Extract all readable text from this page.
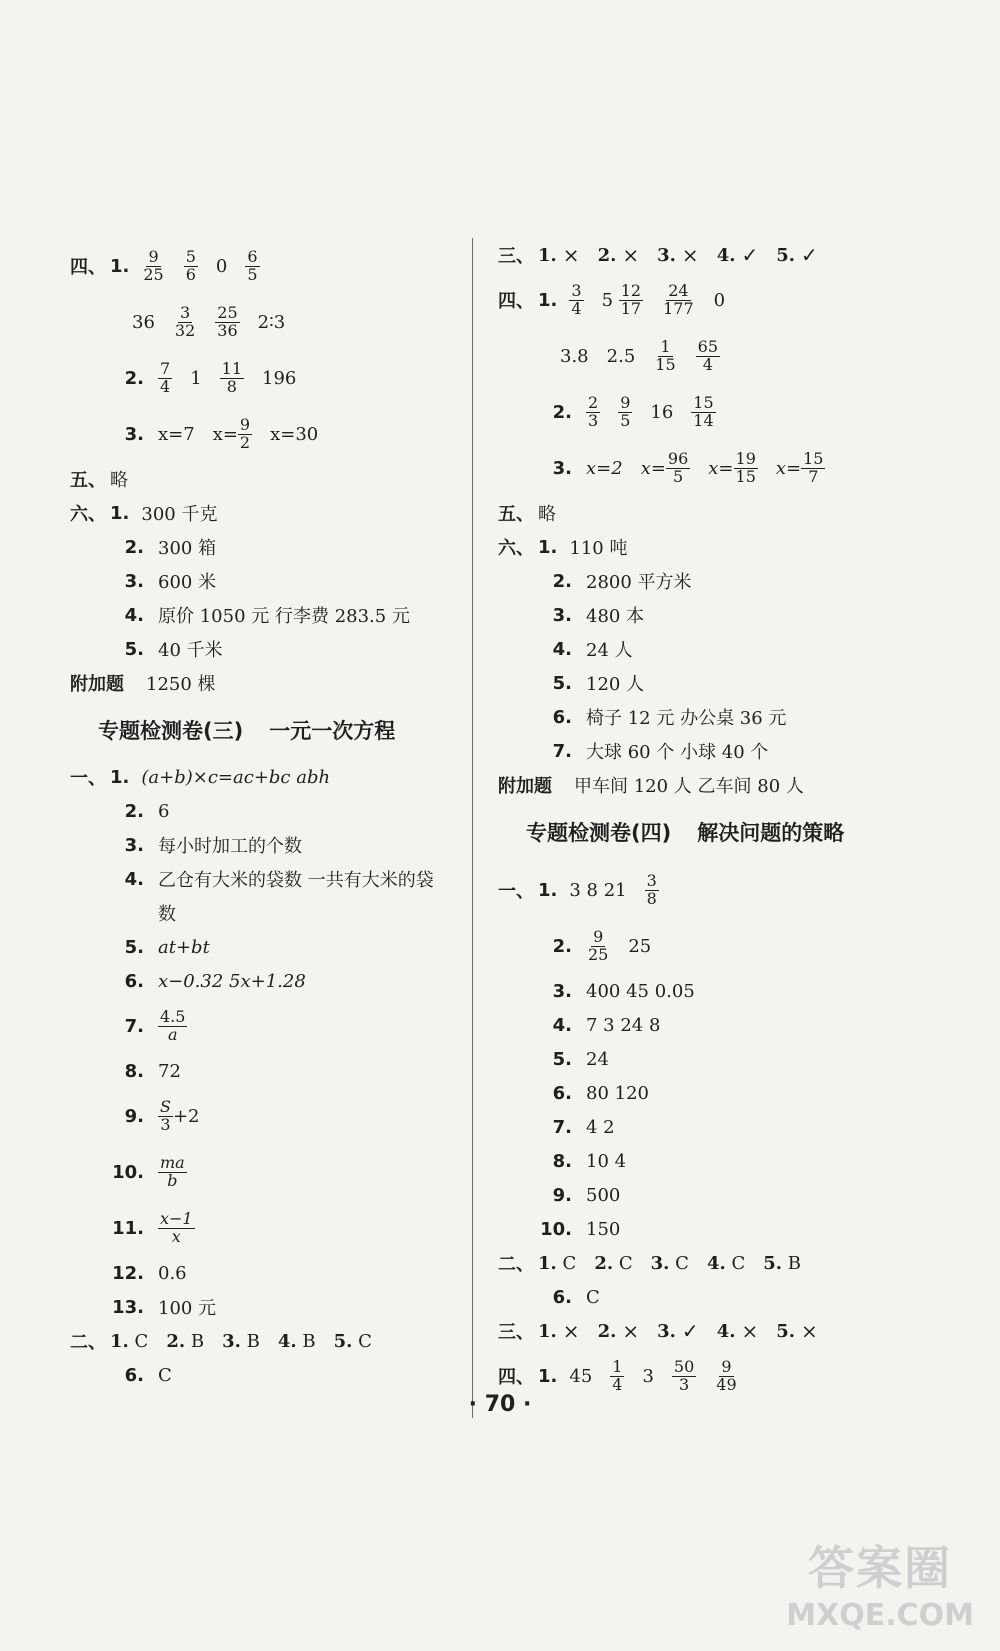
四、 1. $\frac{9}{25} \frac{5}{6} 0 \frac{6}{5}$
$36 \frac{3}{32} \frac{25}{36}$ 2∶3
2. $\frac{7}{4} 1 \frac{11}{8} 196$
3. x=7 $x= \frac{9}{2} x=30$
五、 略
六、 1. 300 千克
2. 300 箱
3. 600 米
4. 原价 1050 元 行李费 283.5 元
5. 40 千米
附加题 1250 棵
专题检测卷(三) 一元一次方程
一、 1. (a+b)×c=ac+bc abh
2. 6
3. 每小时加工的个数
4. 乙仓有大米的袋数 一共有大米的袋
数
5. at+bt
6. x−0.32 5x+1.28
7. $\frac{4.5}{a}$
8. 72
9. $\frac{S}{3} +2$
10. $\frac{ma}{b}$
11. $\frac{x-1}{x}$
12. 0.6
13. 100 元
二、 1.
C 2.
B 3.
B 4.
B 5.
C
6. C
三、 1. × 2. × 3. × 4. ✓ 5. ✓
四、 1. $\frac{3}{4} 5$
$\frac{12}{17} \frac{24}{177} 0$
3.8 $2.5 \frac{1}{15} \frac{65}{4}$
2. $\frac{2}{3} \frac{9}{5} 16 \frac{15}{14}$
3. x=2 $x= \frac{96}{5} x= \frac{19}{15} x= \frac{15}{7}$
五、 略
六、 1. 110 吨
2. 2800 平方米
3. 480 本
4. 24 人
5. 120 人
6. 椅子 12 元 办公桌 36 元
7. 大球 60 个 小球 40 个
附加题 甲车间 120 人 乙车间 80 人
专题检测卷(四) 解决问题的策略
一、 1. 3 8 $21 \frac{3}{8}$
2. $\frac{9}{25} 25$
3. 400 45 0.05
4. 7 3 24 8
5. 24
6. 80 120
7. 4 2
8. 10 4
9. 500
10. 150
二、 1.
C 2.
C 3.
C 4.
C 5.
B
6. C
三、 1. × 2. × 3. ✓ 4. × 5. ×
四、 1. $45 \frac{1}{4} 3 \frac{50}{3} \frac{9}{49}$
· 70 ·
答案圈
MXQE.COM
